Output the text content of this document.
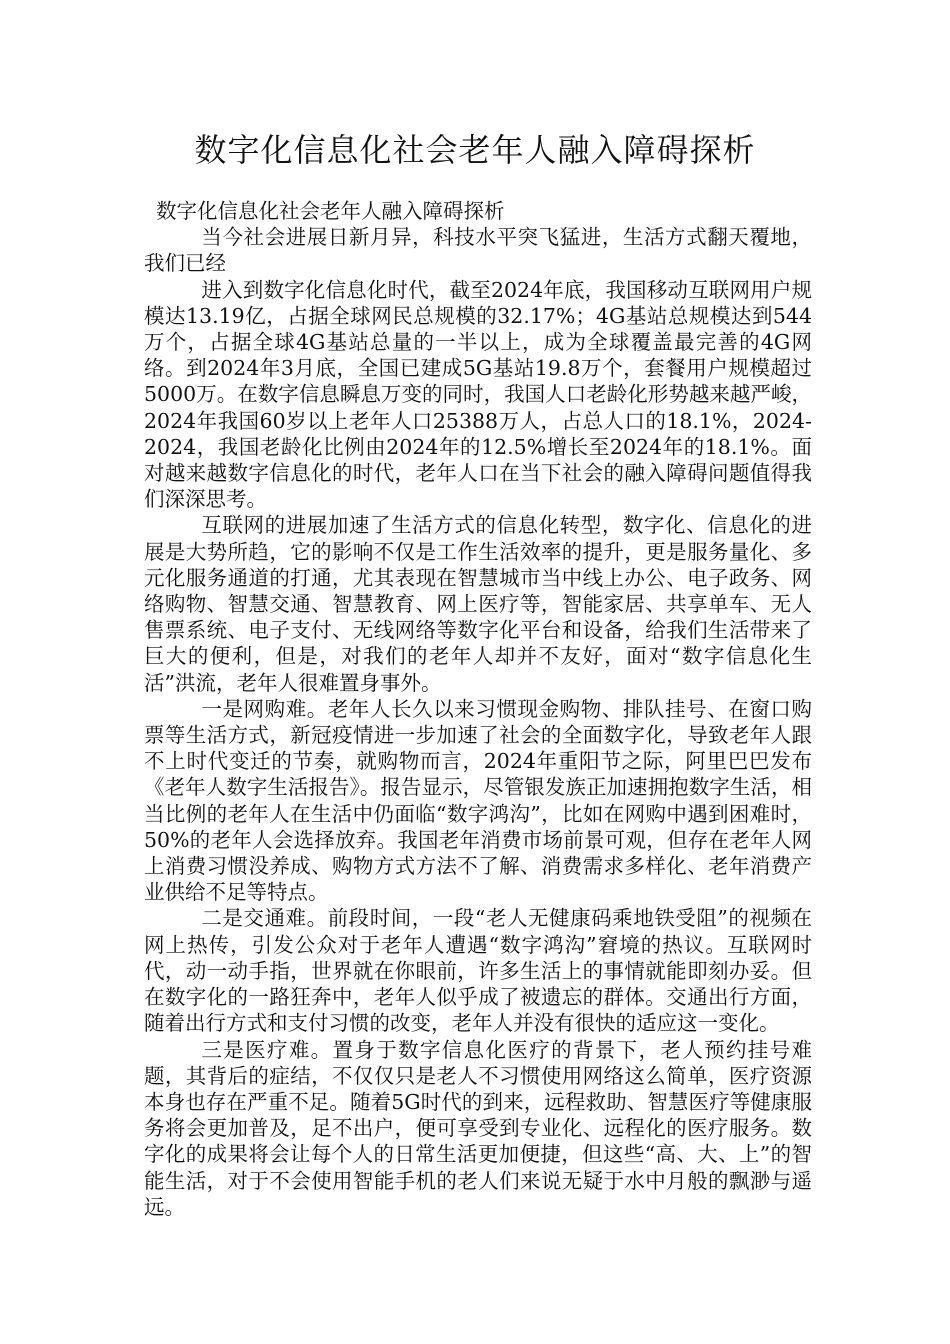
数字化信息化社会老年人融入障碍探析

数字化信息化社会老年人融入障碍探析

当今社会进展日新月异，科技水平突飞猛进，生活方式翻天覆地，我们已经

进入到数字化信息化时代，截至2024年底，我国移动互联网用户规模达13.19亿，占据全球网民总规模的32.17%；4G基站总规模达到544万个，占据全球4G基站总量的一半以上，成为全球覆盖最完善的4G网络。到2024年3月底，全国已建成5G基站19.8万个，套餐用户规模超过5000万。在数字信息瞬息万变的同时，我国人口老龄化形势越来越严峻，2024年我国60岁以上老年人口25388万人，占总人口的18.1%，2024-2024，我国老龄化比例由2024年的12.5%增长至2024年的18.1%。面对越来越数字信息化的时代，老年人口在当下社会的融入障碍问题值得我们深深思考。

互联网的进展加速了生活方式的信息化转型，数字化、信息化的进展是大势所趋，它的影响不仅是工作生活效率的提升，更是服务量化、多元化服务通道的打通，尤其表现在智慧城市当中线上办公、电子政务、网络购物、智慧交通、智慧教育、网上医疗等，智能家居、共享单车、无人售票系统、电子支付、无线网络等数字化平台和设备，给我们生活带来了巨大的便利，但是，对我们的老年人却并不友好，面对“数字信息化生活”洪流，老年人很难置身事外。

一是网购难。老年人长久以来习惯现金购物、排队挂号、在窗口购票等生活方式，新冠疫情进一步加速了社会的全面数字化，导致老年人跟不上时代变迁的节奏，就购物而言，2024年重阳节之际，阿里巴巴发布《老年人数字生活报告》。报告显示，尽管银发族正加速拥抱数字生活，相当比例的老年人在生活中仍面临“数字鸿沟”，比如在网购中遇到困难时，50%的老年人会选择放弃。我国老年消费市场前景可观，但存在老年人网上消费习惯没养成、购物方式方法不了解、消费需求多样化、老年消费产业供给不足等特点。

二是交通难。前段时间，一段“老人无健康码乘地铁受阻”的视频在网上热传，引发公众对于老年人遭遇“数字鸿沟”窘境的热议。互联网时代，动一动手指，世界就在你眼前，许多生活上的事情就能即刻办妥。但在数字化的一路狂奔中，老年人似乎成了被遗忘的群体。交通出行方面，随着出行方式和支付习惯的改变，老年人并没有很快的适应这一变化。

三是医疗难。置身于数字信息化医疗的背景下，老人预约挂号难题，其背后的症结，不仅仅只是老人不习惯使用网络这么简单，医疗资源本身也存在严重不足。随着5G时代的到来，远程救助、智慧医疗等健康服务将会更加普及，足不出户，便可享受到专业化、远程化的医疗服务。数字化的成果将会让每个人的日常生活更加便捷，但这些“高、大、上”的智能生活，对于不会使用智能手机的老人们来说无疑于水中月般的飘渺与遥远。
